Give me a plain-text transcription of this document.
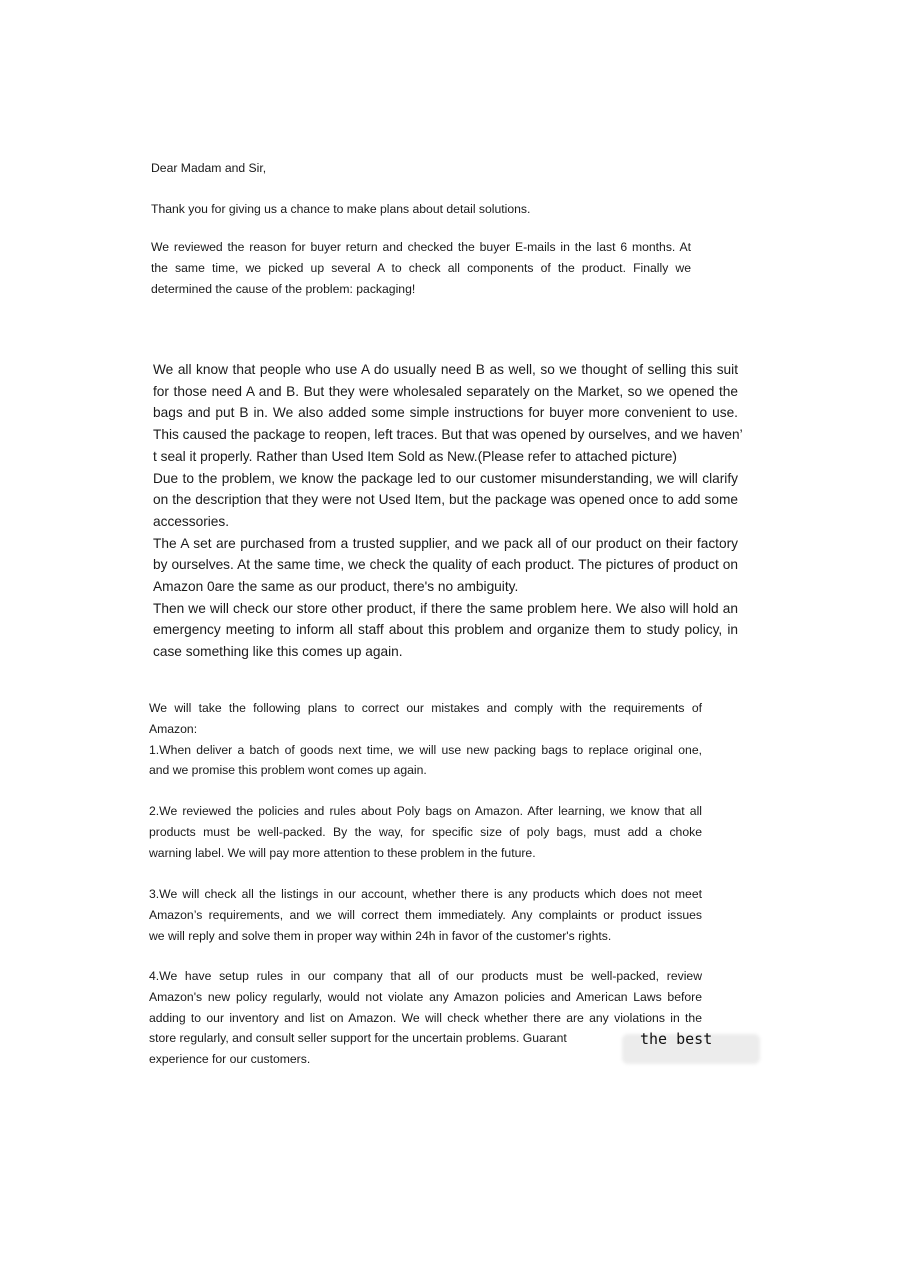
Dear Madam and Sir,
Thank you for giving us a chance to make plans about detail solutions.
We reviewed the reason for buyer return and checked the buyer E-mails in the last 6 months. At
the same time, we picked up several A to check all components of the product. Finally we
determined the cause of the problem: packaging!
We all know that people who use A do usually need B as well, so we thought of selling this suit
for those need A and B. But they were wholesaled separately on the Market, so we opened the
bags and put B in. We also added some simple instructions for buyer more convenient to use.
This caused the package to reopen, left traces. But that was opened by ourselves, and we haven’
t seal it properly. Rather than Used Item Sold as New.(Please refer to attached picture)
Due to the problem, we know the package led to our customer misunderstanding, we will clarify
on the description that they were not Used Item, but the package was opened once to add some
accessories.
The A set are purchased from a trusted supplier, and we pack all of our product on their factory
by ourselves. At the same time, we check the quality of each product. The pictures of product on
Amazon 0are the same as our product, there's no ambiguity.
Then we will check our store other product, if there the same problem here. We also will hold an
emergency meeting to inform all staff about this problem and organize them to study policy, in
case something like this comes up again.
We will take the following plans to correct our mistakes and comply with the requirements of
Amazon:
1.When deliver a batch of goods next time, we will use new packing bags to replace original one,
and we promise this problem wont comes up again.
2.We reviewed the policies and rules about Poly bags on Amazon. After learning, we know that all
products must be well-packed. By the way, for specific size of poly bags, must add a choke
warning label. We will pay more attention to these problem in the future.
3.We will check all the listings in our account, whether there is any products which does not meet
Amazon’s requirements, and we will correct them immediately. Any complaints or product issues
we will reply and solve them in proper way within 24h in favor of the customer's rights.
4.We have setup rules in our company that all of our products must be well-packed, review
Amazon's new policy regularly, would not violate any Amazon policies and American Laws before
adding to our inventory and list on Amazon. We will check whether there are any violations in the
store regularly, and consult seller support for the uncertain problems. Guarant
experience for our customers.
the best
